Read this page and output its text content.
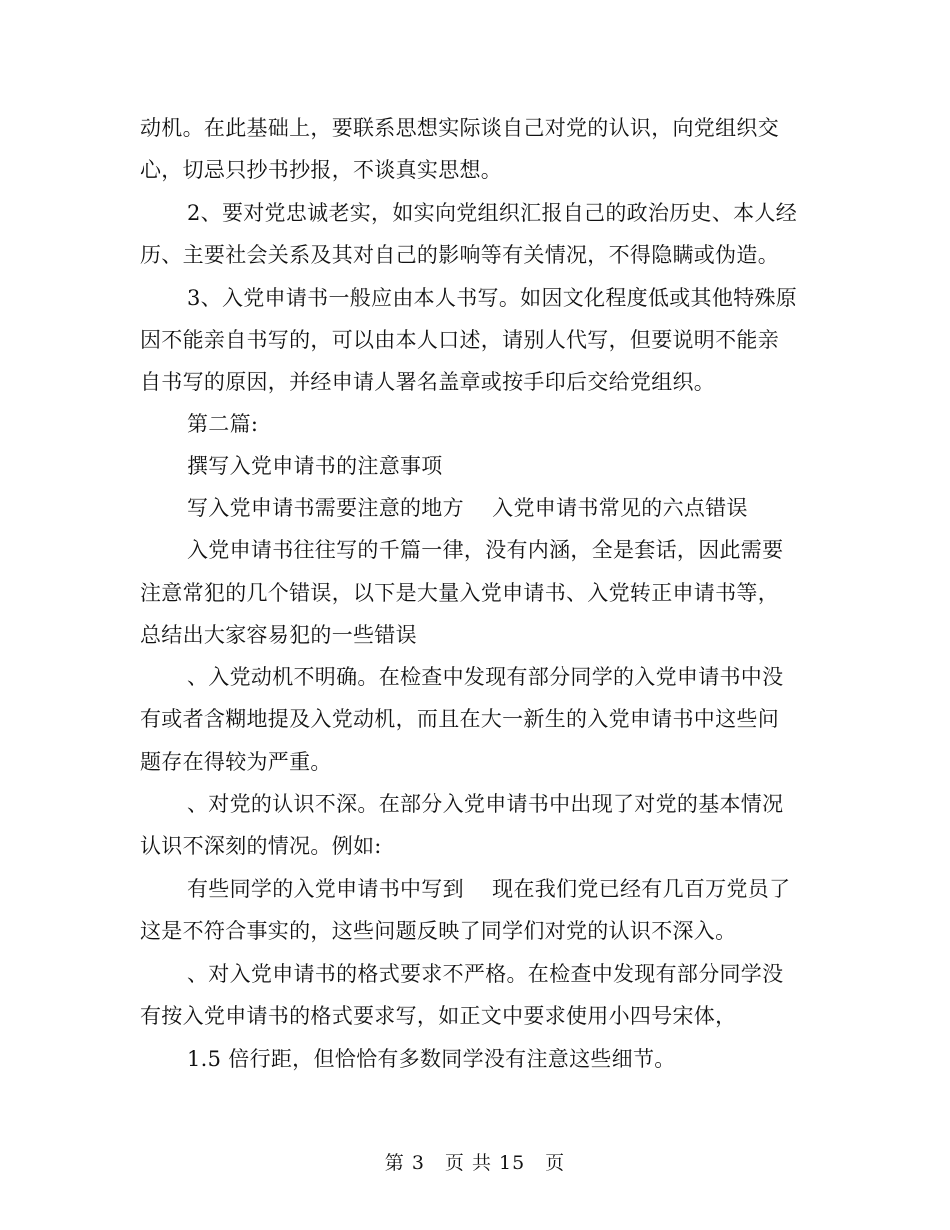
动机。在此基础上，要联系思想实际谈自己对党的认识，向党组织交
心，切忌只抄书抄报，不谈真实思想。
2、要对党忠诚老实，如实向党组织汇报自己的政治历史、本人经
历、主要社会关系及其对自己的影响等有关情况，不得隐瞒或伪造。
3、入党申请书一般应由本人书写。如因文化程度低或其他特殊原
因不能亲自书写的，可以由本人口述，请别人代写，但要说明不能亲
自书写的原因，并经申请人署名盖章或按手印后交给党组织。
第二篇:
撰写入党申请书的注意事项
写入党申请书需要注意的地方　 入党申请书常见的六点错误
入党申请书往往写的千篇一律，没有内涵，全是套话，因此需要
注意常犯的几个错误，以下是大量入党申请书、入党转正申请书等，
总结出大家容易犯的一些错误
、入党动机不明确。在检查中发现有部分同学的入党申请书中没
有或者含糊地提及入党动机，而且在大一新生的入党申请书中这些问
题存在得较为严重。
、对党的认识不深。在部分入党申请书中出现了对党的基本情况
认识不深刻的情况。例如:
有些同学的入党申请书中写到　 现在我们党已经有几百万党员了
这是不符合事实的，这些问题反映了同学们对党的认识不深入。
、对入党申请书的格式要求不严格。在检查中发现有部分同学没
有按入党申请书的格式要求写，如正文中要求使用小四号宋体，
1.5 倍行距，但恰恰有多数同学没有注意这些细节。
第 3　页 共 15　页
